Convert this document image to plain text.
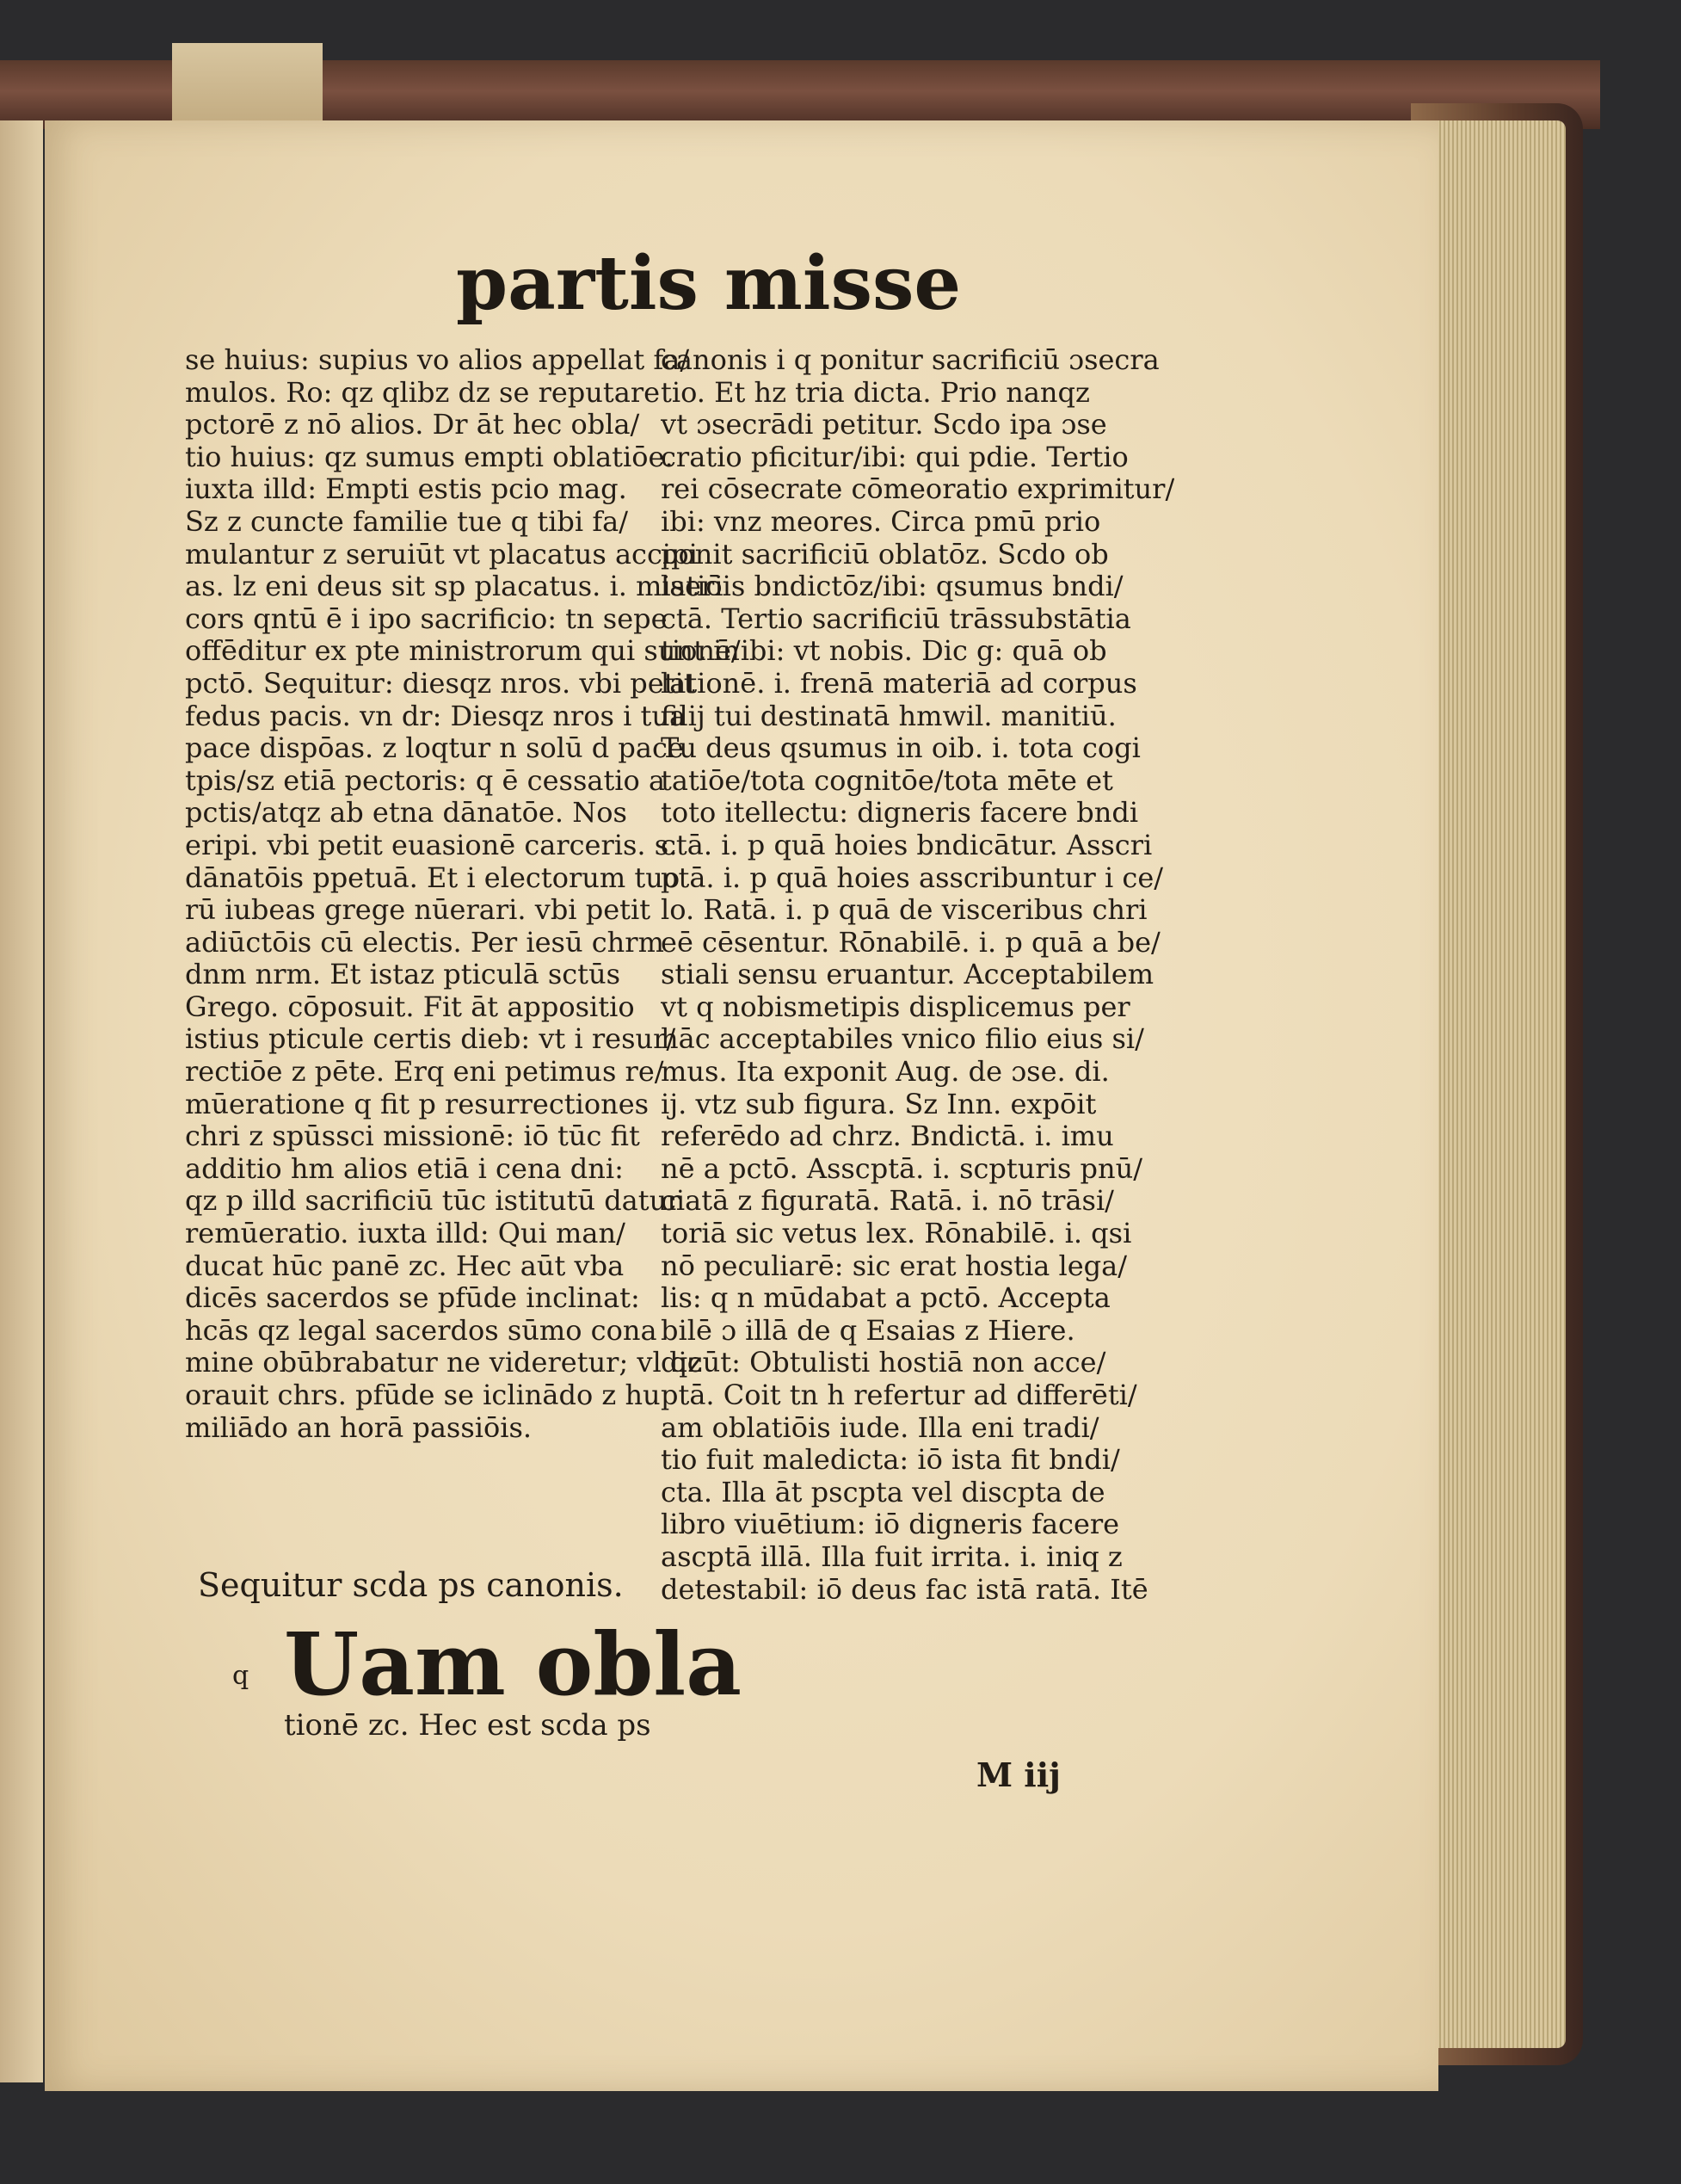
partis misse
se huius: supius vo alios appellat fa/
mulos. Ro: qz qlibz dz se reputare
pctorē z nō alios. Dr āt hec obla/
tio huius: qz sumus empti oblatiōe.
iuxta illd: Empti estis pcio mag.
Sz z cuncte familie tue q tibi fa/
mulantur z seruiūt vt placatus accipi
as. lz eni deus sit sp placatus. i. miseri
cors qntū ē i ipo sacrificio: tn sepe
offēditur ex pte ministrorum qui sunt in
pctō. Sequitur: diesqz nros. vbi petit
fedus pacis. vn dr: Diesqz nros i tua
pace dispōas. z loqtur n solū d pace
tpis/sz etiā pectoris: q ē cessatio a
pctis/atqz ab etna dānatōe. Nos
eripi. vbi petit euasionē carceris. s.
dānatōis ppetuā. Et i electorum tuo
rū iubeas grege nūerari. vbi petit
adiūctōis cū electis. Per iesū chrm
dnm nrm. Et istaz pticulā sctūs
Grego. cōposuit. Fit āt appositio
istius pticule certis dieb: vt i resur/
rectiōe z pēte. Erq eni petimus re/
mūeratione q fit p resurrectiones
chri z spūssci missionē: iō tūc fit
additio hm alios etiā i cena dni:
qz p illd sacrificiū tūc istitutū datur
remūeratio. iuxta illd: Qui man/
ducat hūc panē zc. Hec aūt vba
dicēs sacerdos se pfūde inclinat:
hcās qz legal sacerdos sūmo cona
mine obūbrabatur ne videretur; vl qz
orauit chrs. pfūde se iclinādo z hu
miliādo an horā passiōis.
canonis i q ponitur sacrificiū ɔsecra
tio. Et hz tria dicta. Prio nanqz
vt ɔsecrādi petitur. Scdo ipa ɔse
cratio pficitur/ibi: qui pdie. Tertio
rei cōsecrate cōmeoratio exprimitur/
ibi: vnz meores. Circa pmū prio
ponit sacrificiū oblatōz. Scdo ob
latiōis bndictōz/ibi: qsumus bndi/
ctā. Tertio sacrificiū trāssubstātia
tionē/ibi: vt nobis. Dic g: quā ob
lationē. i. frenā materiā ad corpus
filij tui destinatā hmwil. manitiū.
Tu deus qsumus in oib. i. tota cogi
tatiōe/tota cognitōe/tota mēte et
toto itellectu: digneris facere bndi
ctā. i. p quā hoies bndicātur. Asscri
ptā. i. p quā hoies asscribuntur i ce/
lo. Ratā. i. p quā de visceribus chri
eē cēsentur. Rōnabilē. i. p quā a be/
stiali sensu eruantur. Acceptabilem
vt q nobismetipis displicemus per
hāc acceptabiles vnico filio eius si/
mus. Ita exponit Aug. de ɔse. di.
ij. vtz sub figura. Sz Inn. expōit
referēdo ad chrz. Bndictā. i. imu
nē a pctō. Asscptā. i. scpturis pnū/
ciatā z figuratā. Ratā. i. nō trāsi/
toriā sic vetus lex. Rōnabilē. i. qsi
nō peculiarē: sic erat hostia lega/
lis: q n mūdabat a pctō. Accepta
bilē ɔ illā de q Esaias z Hiere.
dicūt: Obtulisti hostiā non acce/
ptā. Coit tn h refertur ad differēti/
am oblatiōis iude. Illa eni tradi/
tio fuit maledicta: iō ista fit bndi/
cta. Illa āt pscpta vel discpta de
libro viuētium: iō digneris facere
ascptā illā. Illa fuit irrita. i. iniq z
detestabil: iō deus fac istā ratā. Itē
Sequitur scda ps canonis.
q Uam obla
tionē zc. Hec est scda ps
M iij
